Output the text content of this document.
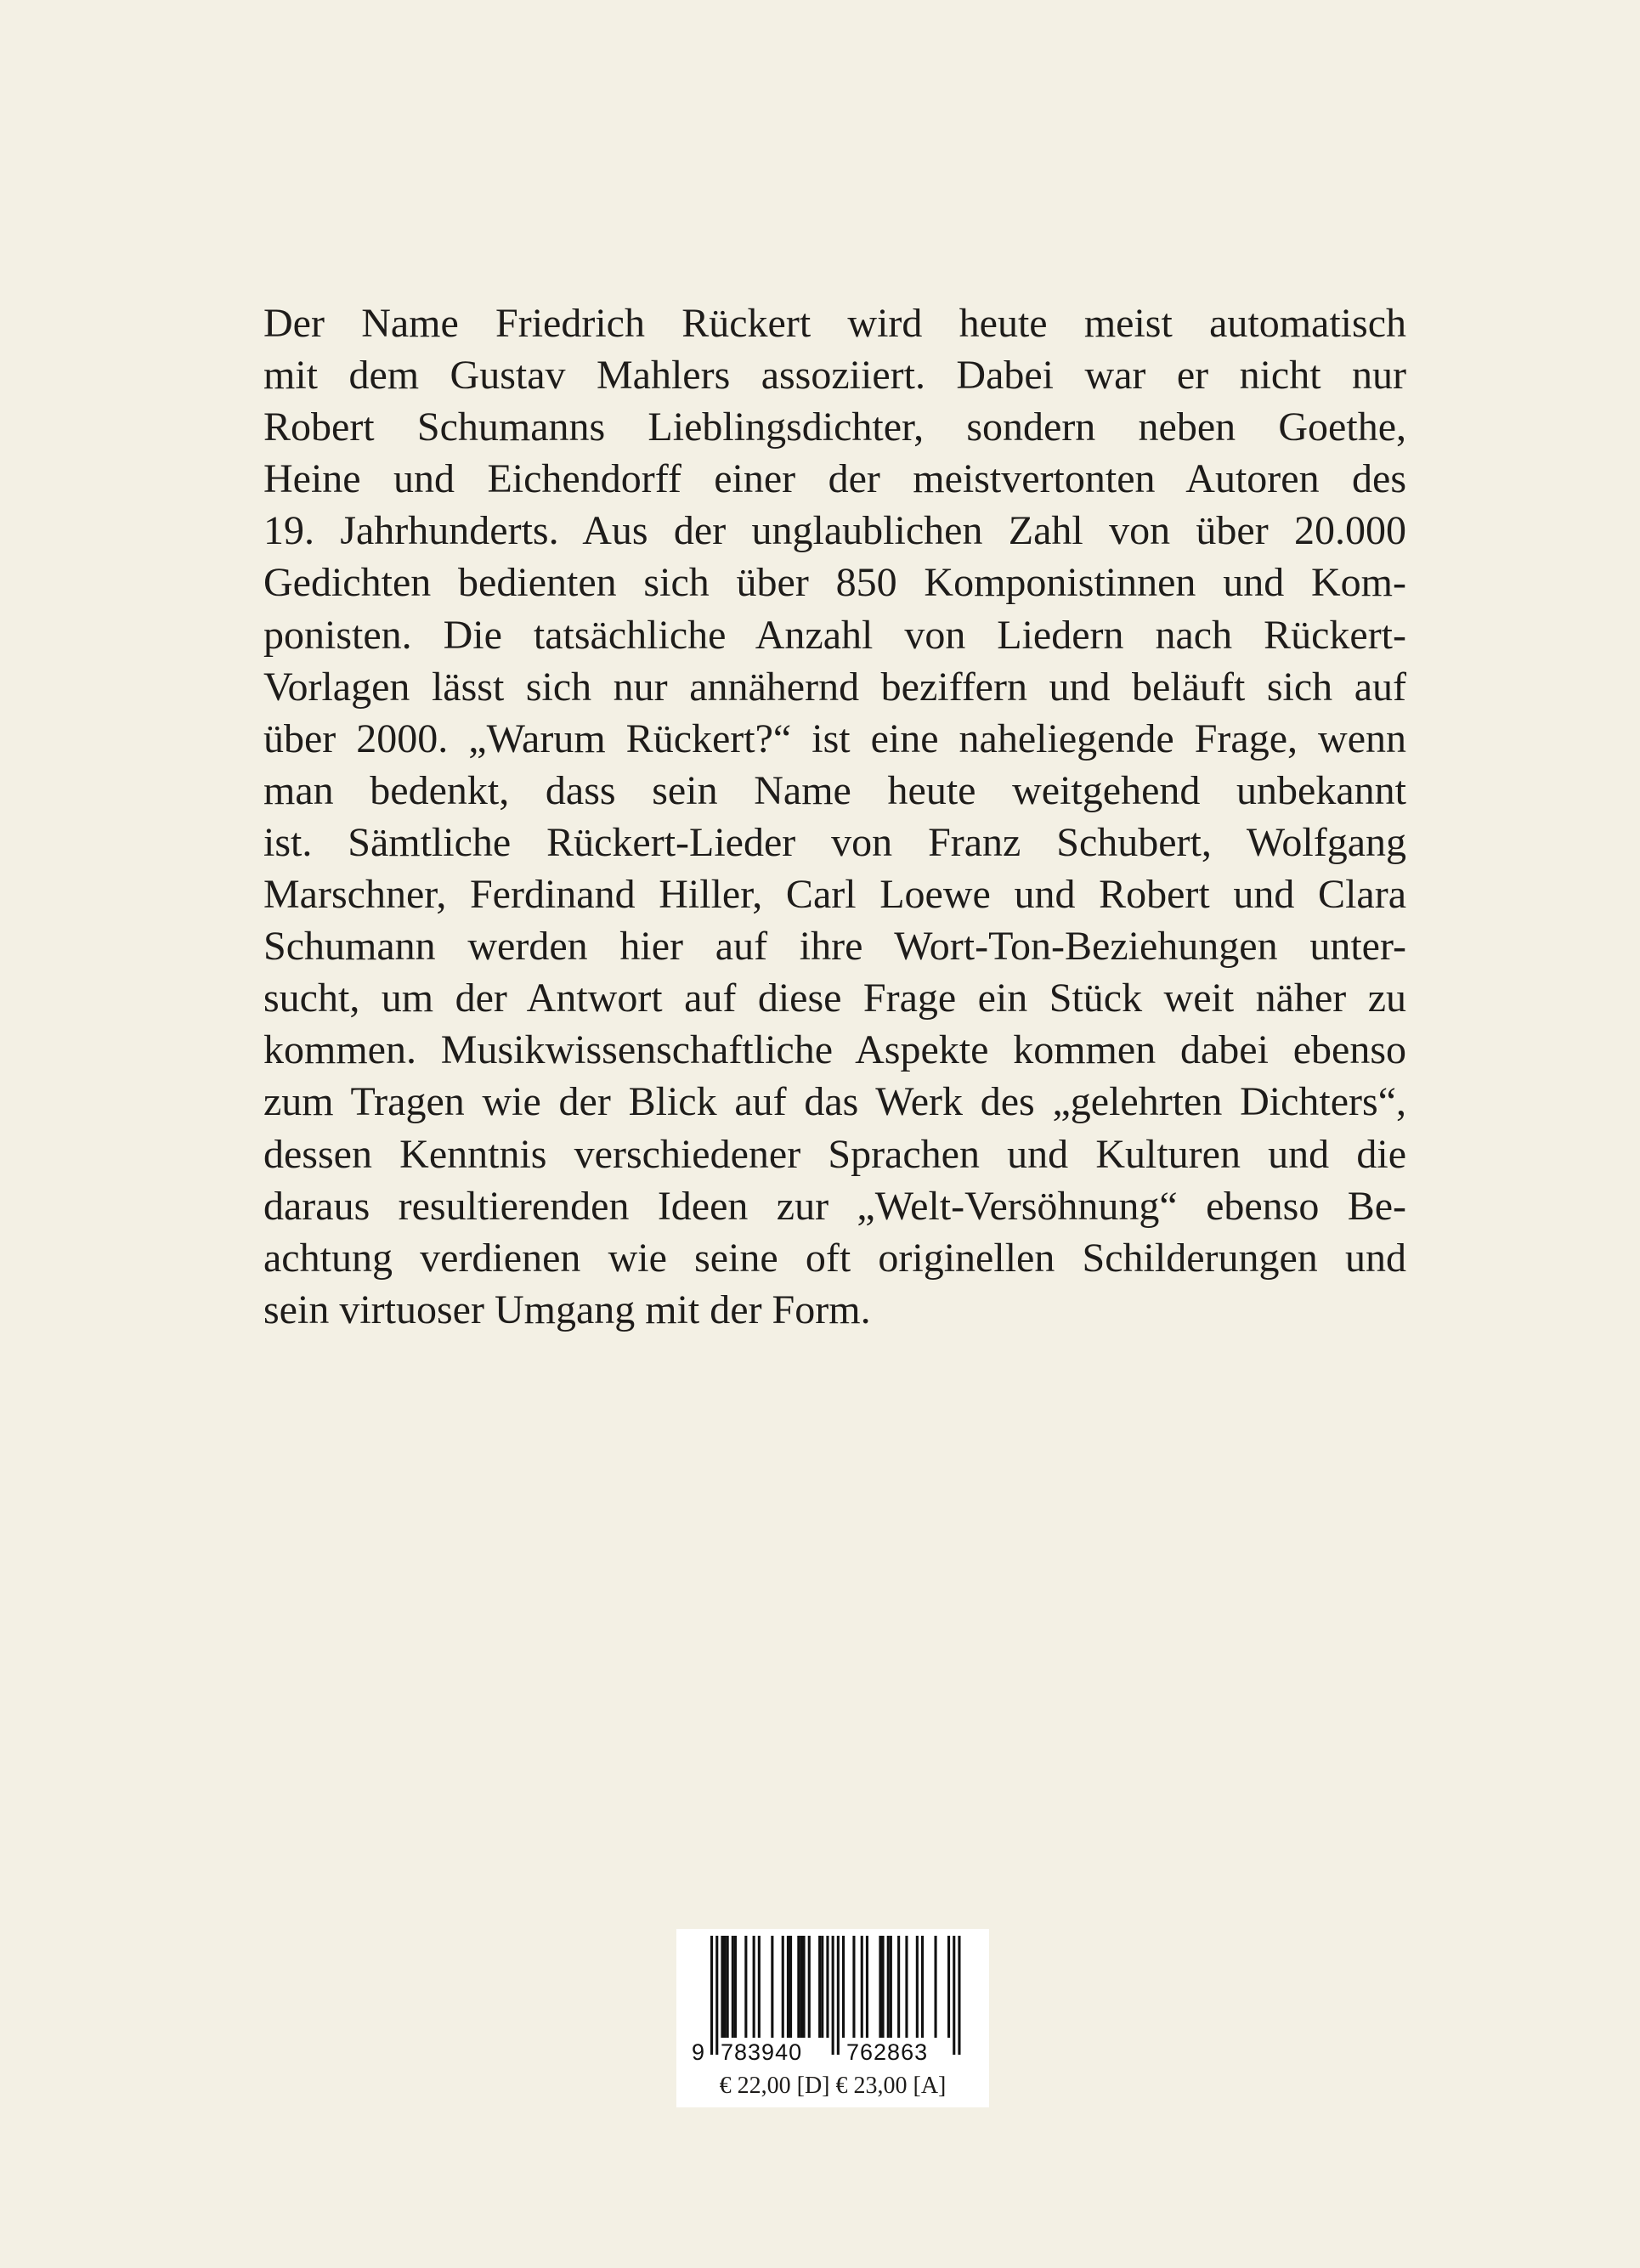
Der Name Friedrich Rückert wird heute meist automatisch
mit dem Gustav Mahlers assoziiert. Dabei war er nicht nur
Robert Schumanns Lieblingsdichter, sondern neben Goethe,
Heine und Eichendorff einer der meistvertonten Autoren des
19. Jahrhunderts. Aus der unglaublichen Zahl von über 20.000
Gedichten bedienten sich über 850 Komponistinnen und Kom-
ponisten. Die tatsächliche Anzahl von Liedern nach Rückert-
Vorlagen lässt sich nur annähernd beziffern und beläuft sich auf
über 2000. „Warum Rückert?“ ist eine naheliegende Frage, wenn
man bedenkt, dass sein Name heute weitgehend unbekannt
ist. Sämtliche Rückert-Lieder von Franz Schubert, Wolfgang
Marschner, Ferdinand Hiller, Carl Loewe und Robert und Clara
Schumann werden hier auf ihre Wort-Ton-Beziehungen unter-
sucht, um der Antwort auf diese Frage ein Stück weit näher zu
kommen. Musikwissenschaftliche Aspekte kommen dabei ebenso
zum Tragen wie der Blick auf das Werk des „gelehrten Dichters“,
dessen Kenntnis verschiedener Sprachen und Kulturen und die
daraus resultierenden Ideen zur „Welt-Versöhnung“ ebenso Be-
achtung verdienen wie seine oft originellen Schilderungen und
sein virtuoser Umgang mit der Form.
9 783940 762863
€ 22,00 [D] € 23,00 [A]
